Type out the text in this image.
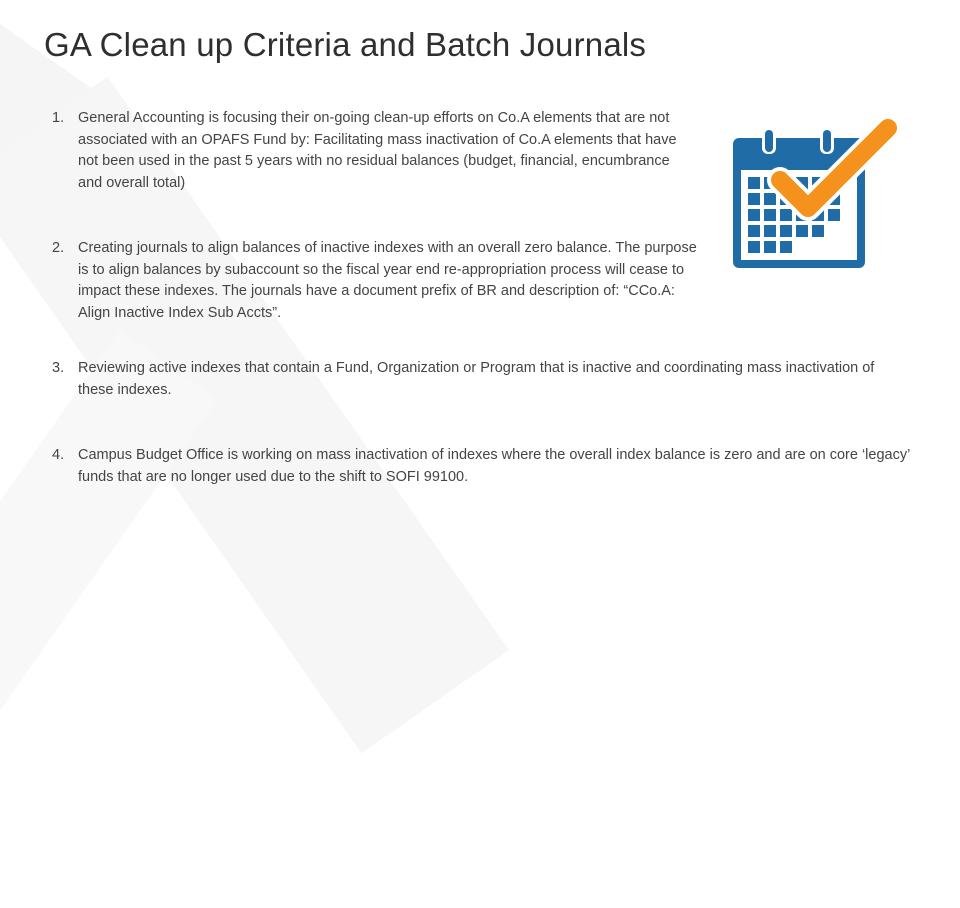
GA Clean up Criteria and Batch Journals
1. General Accounting is focusing their on-going clean-up efforts on Co.A elements that are not associated with an OPAFS Fund by: Facilitating mass inactivation of Co.A elements that have not been used in the past 5 years with no residual balances (budget, financial, encumbrance and overall total)
2. Creating journals to align balances of inactive indexes with an overall zero balance. The purpose is to align balances by subaccount so the fiscal year end re-appropriation process will cease to impact these indexes. The journals have a document prefix of BR and description of: “CCo.A: Align Inactive Index Sub Accts”.
3. Reviewing active indexes that contain a Fund, Organization or Program that is inactive and coordinating mass inactivation of these indexes.
4. Campus Budget Office is working on mass inactivation of indexes where the overall index balance is zero and are on core ‘legacy’ funds that are no longer used due to the shift to SOFI 99100.
